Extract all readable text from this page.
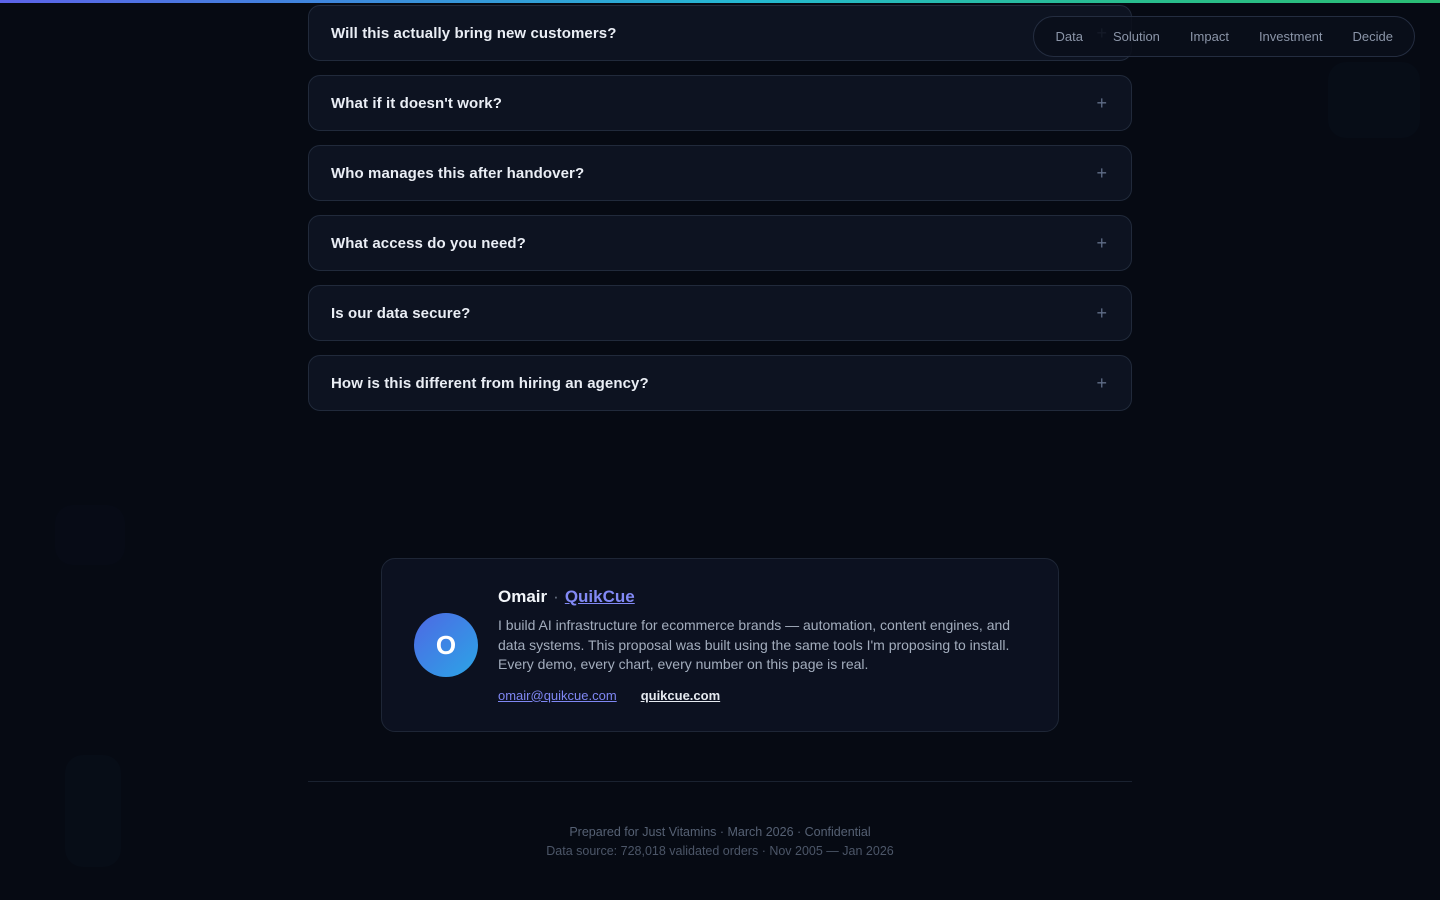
Data	Solution	Impact	Investment	Decide
Will this actually bring new customers?
What if it doesn't work?	+
Who manages this after handover?	+
What access do you need?	+
Is our data secure?	+
How is this different from hiring an agency?	+
O
Omair · QuikCue
I build AI infrastructure for ecommerce brands — automation, content engines, and data systems. This proposal was built using the same tools I'm proposing to install. Every demo, every chart, every number on this page is real.
omair@quikcue.com quikcue.com
Prepared for Just Vitamins · March 2026 · Confidential
Data source: 728,018 validated orders · Nov 2005 — Jan 2026
